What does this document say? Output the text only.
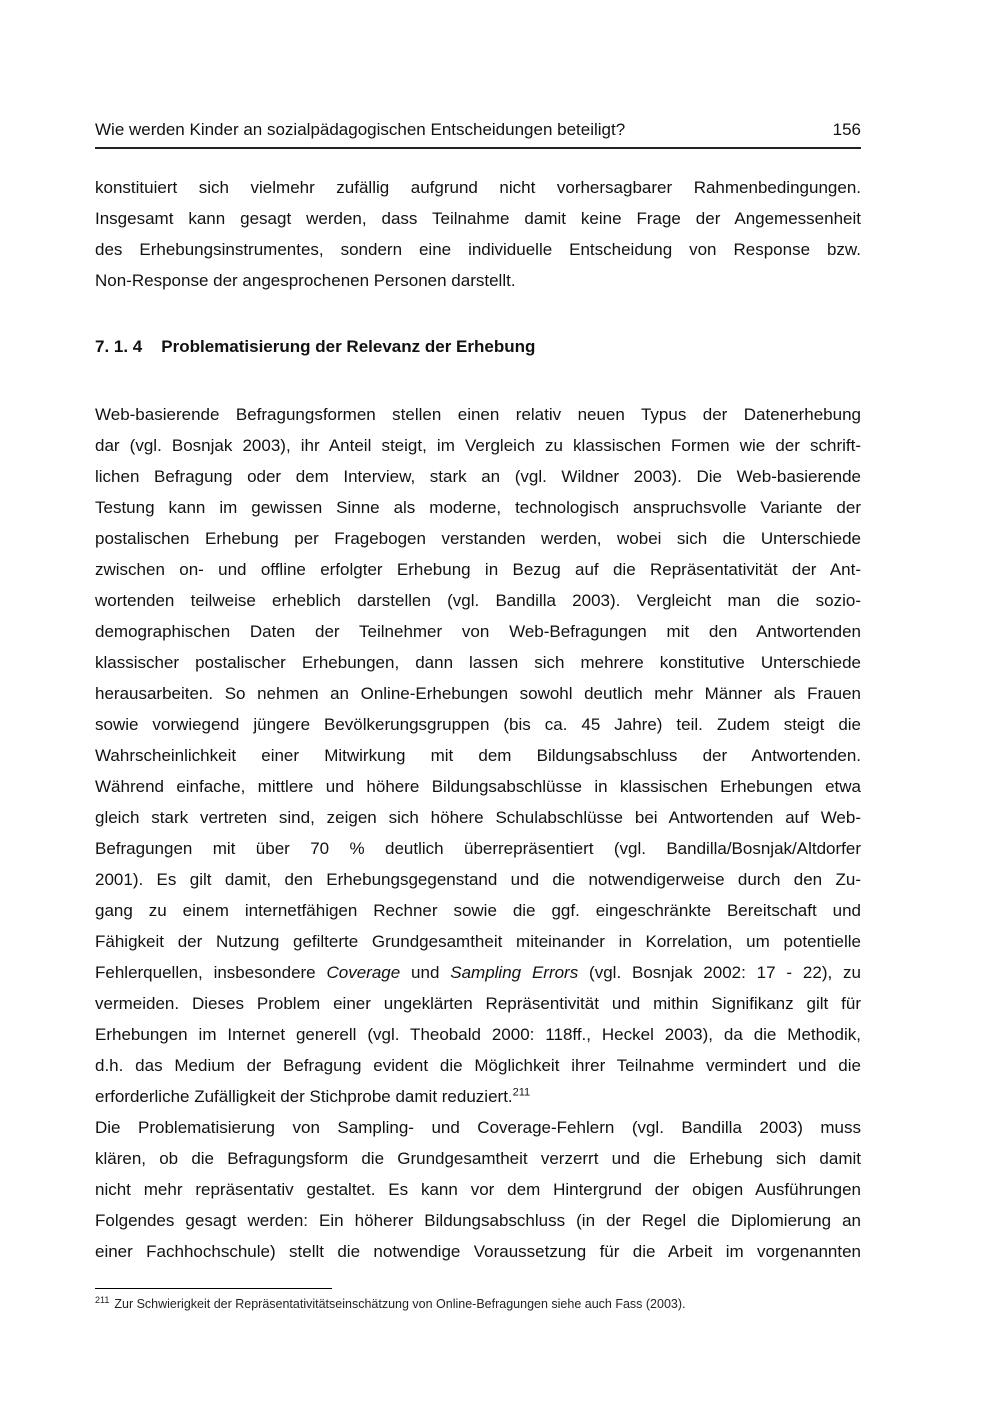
Wie werden Kinder an sozialpädagogischen Entscheidungen beteiligt?	156
konstituiert sich vielmehr zufällig aufgrund nicht vorhersagbarer Rahmenbedingungen.
Insgesamt kann gesagt werden, dass Teilnahme damit keine Frage der Angemessenheit
des Erhebungsinstrumentes, sondern eine individuelle Entscheidung von Response bzw.
Non-Response der angesprochenen Personen darstellt.
7. 1. 4 Problematisierung der Relevanz der Erhebung
Web-basierende Befragungsformen stellen einen relativ neuen Typus der Datenerhebung
dar (vgl. Bosnjak 2003), ihr Anteil steigt, im Vergleich zu klassischen Formen wie der schrift-
lichen Befragung oder dem Interview, stark an (vgl. Wildner 2003). Die Web-basierende
Testung kann im gewissen Sinne als moderne, technologisch anspruchsvolle Variante der
postalischen Erhebung per Fragebogen verstanden werden, wobei sich die Unterschiede
zwischen on- und offline erfolgter Erhebung in Bezug auf die Repräsentativität der Ant-
wortenden teilweise erheblich darstellen (vgl. Bandilla 2003). Vergleicht man die sozio-
demographischen Daten der Teilnehmer von Web-Befragungen mit den Antwortenden
klassischer postalischer Erhebungen, dann lassen sich mehrere konstitutive Unterschiede
herausarbeiten. So nehmen an Online-Erhebungen sowohl deutlich mehr Männer als Frauen
sowie vorwiegend jüngere Bevölkerungsgruppen (bis ca. 45 Jahre) teil. Zudem steigt die
Wahrscheinlichkeit einer Mitwirkung mit dem Bildungsabschluss der Antwortenden.
Während einfache, mittlere und höhere Bildungsabschlüsse in klassischen Erhebungen etwa
gleich stark vertreten sind, zeigen sich höhere Schulabschlüsse bei Antwortenden auf Web-
Befragungen mit über 70 % deutlich überrepräsentiert (vgl. Bandilla/Bosnjak/Altdorfer
2001). Es gilt damit, den Erhebungsgegenstand und die notwendigerweise durch den Zu-
gang zu einem internetfähigen Rechner sowie die ggf. eingeschränkte Bereitschaft und
Fähigkeit der Nutzung gefilterte Grundgesamtheit miteinander in Korrelation, um potentielle
Fehlerquellen, insbesondere Coverage und Sampling Errors (vgl. Bosnjak 2002: 17 - 22), zu
vermeiden. Dieses Problem einer ungeklärten Repräsentivität und mithin Signifikanz gilt für
Erhebungen im Internet generell (vgl. Theobald 2000: 118ff., Heckel 2003), da die Methodik,
d.h. das Medium der Befragung evident die Möglichkeit ihrer Teilnahme vermindert und die
erforderliche Zufälligkeit der Stichprobe damit reduziert.$^{211}$
Die Problematisierung von Sampling- und Coverage-Fehlern (vgl. Bandilla 2003) muss
klären, ob die Befragungsform die Grundgesamtheit verzerrt und die Erhebung sich damit
nicht mehr repräsentativ gestaltet. Es kann vor dem Hintergrund der obigen Ausführungen
Folgendes gesagt werden: Ein höherer Bildungsabschluss (in der Regel die Diplomierung an
einer Fachhochschule) stellt die notwendige Voraussetzung für die Arbeit im vorgenannten
$^{211}$ Zur Schwierigkeit der Repräsentativitätseinschätzung von Online-Befragungen siehe auch Fass (2003).
